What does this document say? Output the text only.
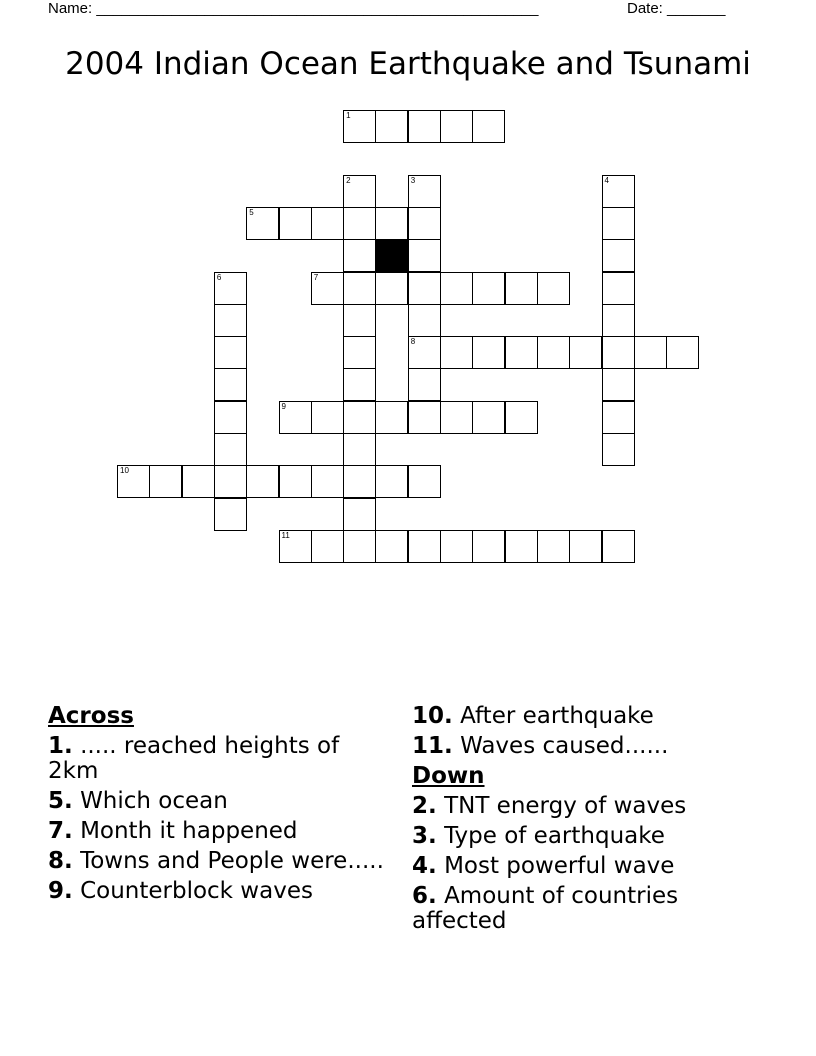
Name: _____________________________________________________	Date: _______
2004 Indian Ocean Earthquake and Tsunami
1
5
7
8
9
10
11
2	3	4
6
Across
1. ..... reached heights of 2km
5. Which ocean
7. Month it happened
8. Towns and People were.....
9. Counterblock waves
10. After earthquake
11. Waves caused......
Down
2. TNT energy of waves
3. Type of earthquake
4. Most powerful wave
6. Amount of countries affected
